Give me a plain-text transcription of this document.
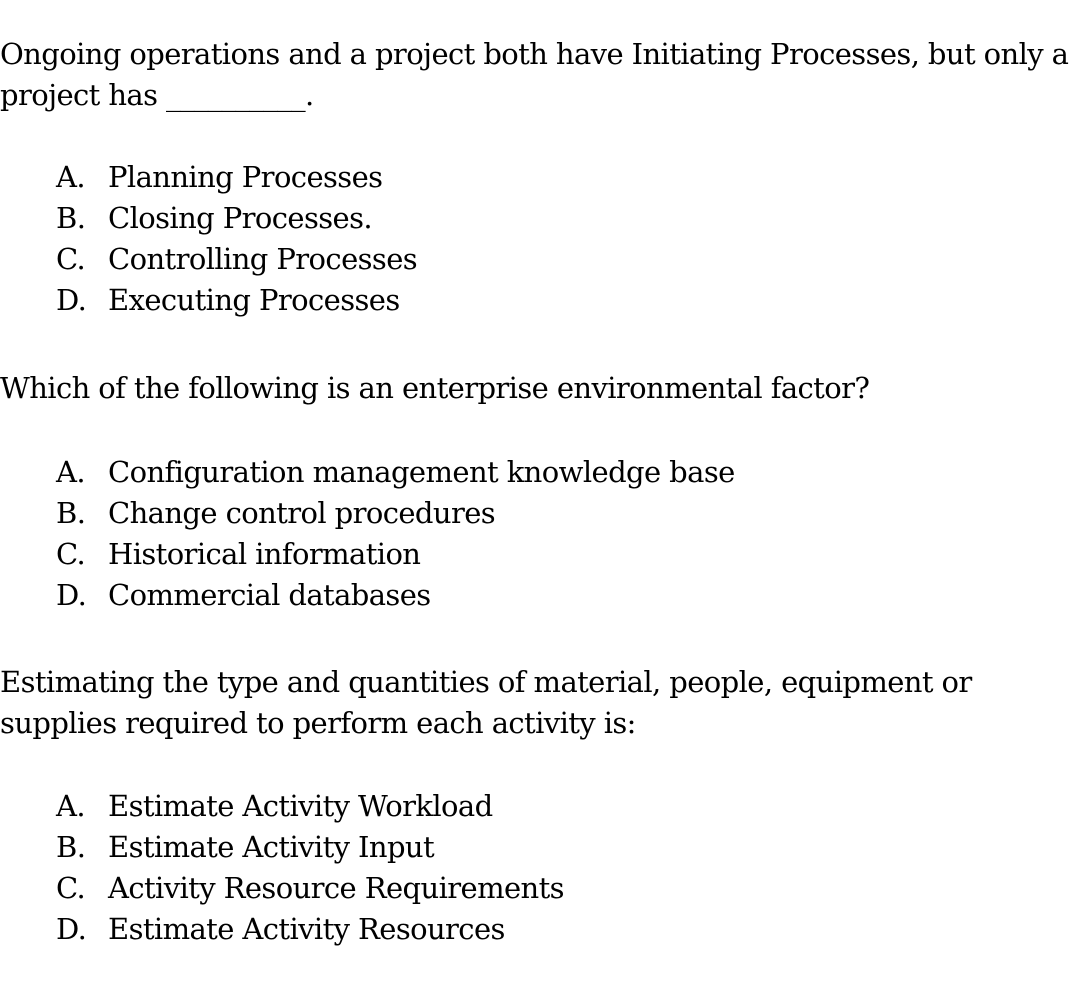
Ongoing operations and a project both have Initiating Processes, but only a
project has __________.
A. Planning Processes
B. Closing Processes.
C. Controlling Processes
D. Executing Processes
Which of the following is an enterprise environmental factor?
A. Configuration management knowledge base
B. Change control procedures
C. Historical information
D. Commercial databases
Estimating the type and quantities of material, people, equipment or
supplies required to perform each activity is:
A. Estimate Activity Workload
B. Estimate Activity Input
C. Activity Resource Requirements
D. Estimate Activity Resources
